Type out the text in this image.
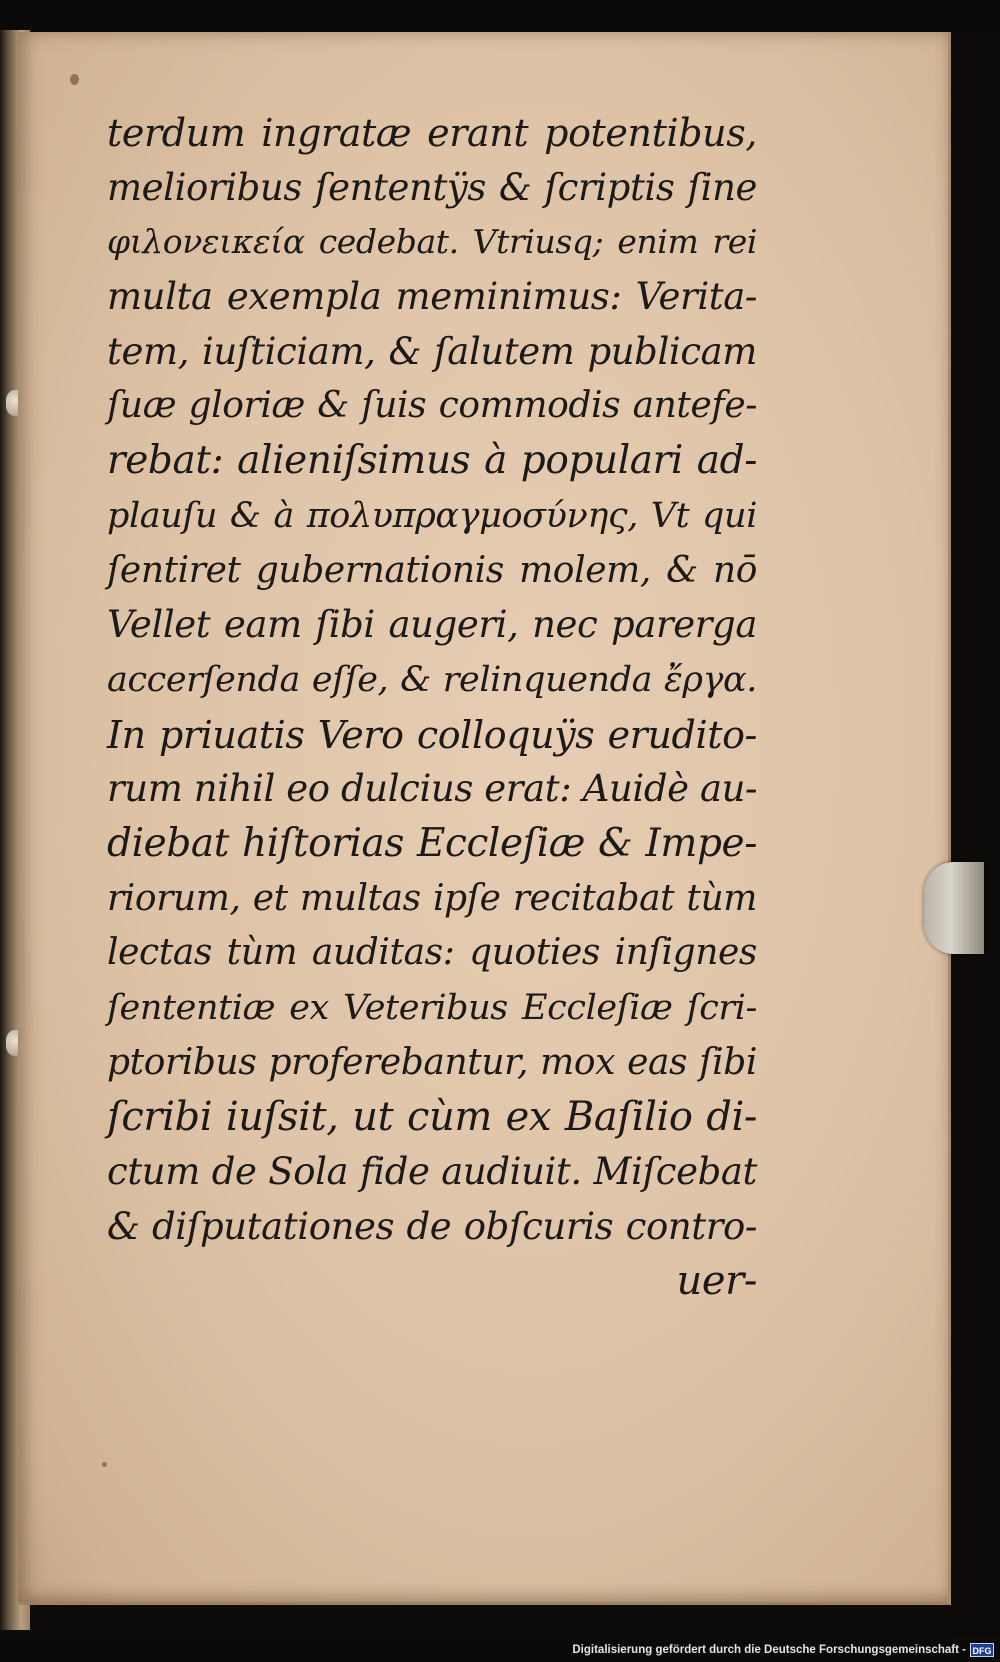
terdum ingratæ erant potentibus,
melioribus ſententÿs & ſcriptis ſine
φιλονεικεία cedebat. Vtriusq; enim rei
multa exempla meminimus: Verita-
tem, iuſticiam, & ſalutem publicam
ſuæ gloriæ & ſuis commodis antefe-
rebat: alieniſsimus à populari ad-
plauſu & à πολυπραγμοσύνης, Vt qui
ſentiret gubernationis molem, & nō
Vellet eam ſibi augeri, nec parerga
accerſenda eſſe, & relinquenda ἔργα.
In priuatis Vero colloquÿs erudito-
rum nihil eo dulcius erat: Auidè au-
diebat hiſtorias Eccleſiæ & Impe-
riorum, et multas ipſe recitabat tùm
lectas tùm auditas: quoties inſignes
ſententiæ ex Veteribus Eccleſiæ ſcri-
ptoribus proferebantur, mox eas ſibi
ſcribi iuſsit, ut cùm ex Baſilio di-
ctum de Sola fide audiuit. Miſcebat
& diſputationes de obſcuris contro-
uer-
Digitalisierung gefördert durch die Deutsche Forschungsgemeinschaft - DFG
